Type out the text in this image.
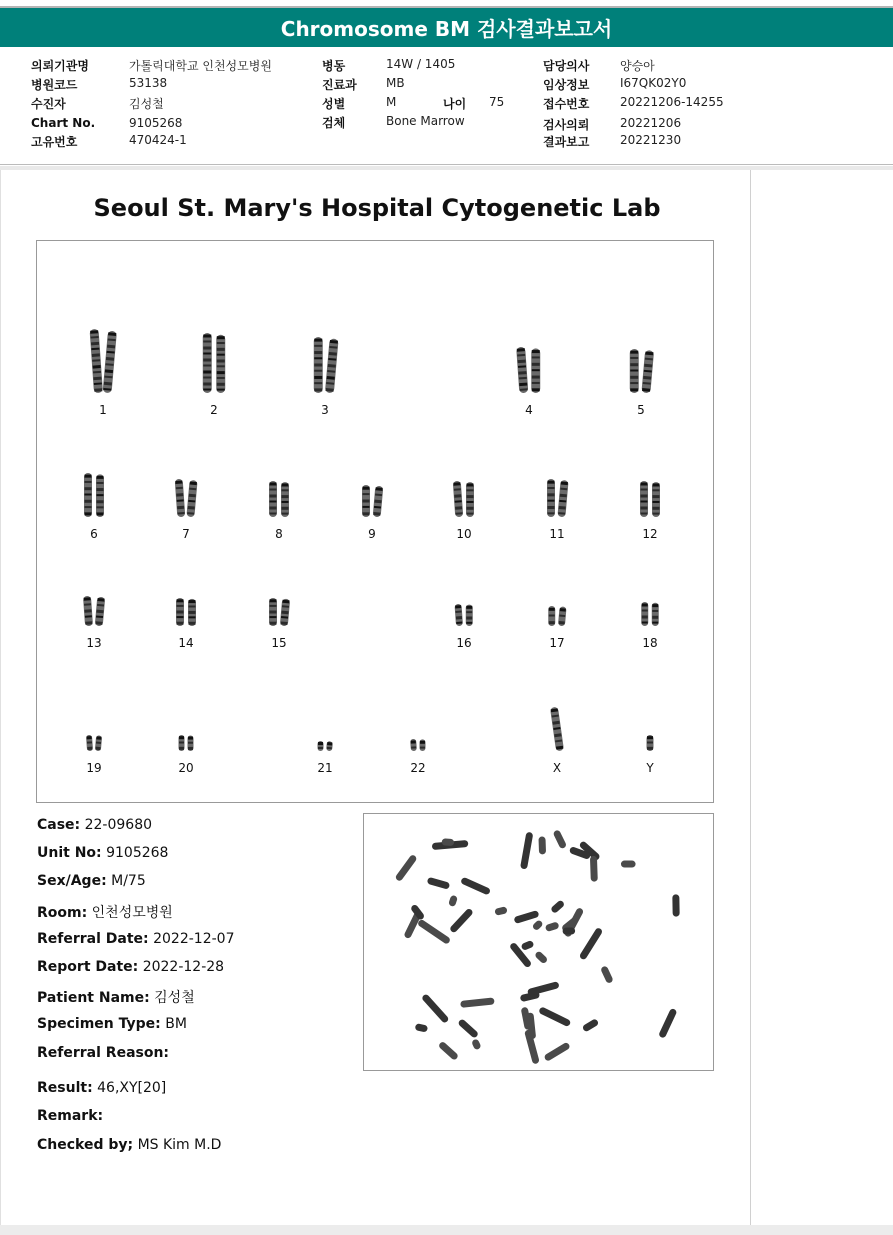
Chromosome BM 검사결과보고서
의뢰기관명	가톨릭대학교 인천성모병원
병원코드	53138
수진자	김성철
Chart No.	9105268
고유번호	470424-1
병동	14W / 1405
진료과 MB
성별	M	나이 75
검체	Bone Marrow
담당의사	양승아
임상정보	I67QK02Y0
접수번호	20221206-14255
검사의뢰	20221206
결과보고	20221230
Seoul St. Mary's Hospital Cytogenetic Lab
1	2	3	4	5
6	7	8	9	10	11	12
13	14	15	16	17	18
19	20	21	22	X	Y
Case: 22-09680
Unit No: 9105268
Sex/Age: M/75
Room: 인천성모병원
Referral Date: 2022-12-07
Report Date: 2022-12-28
Patient Name: 김성철
Specimen Type: BM
Referral Reason:
Result: 46,XY[20]
Remark:
Checked by; MS Kim M.D
